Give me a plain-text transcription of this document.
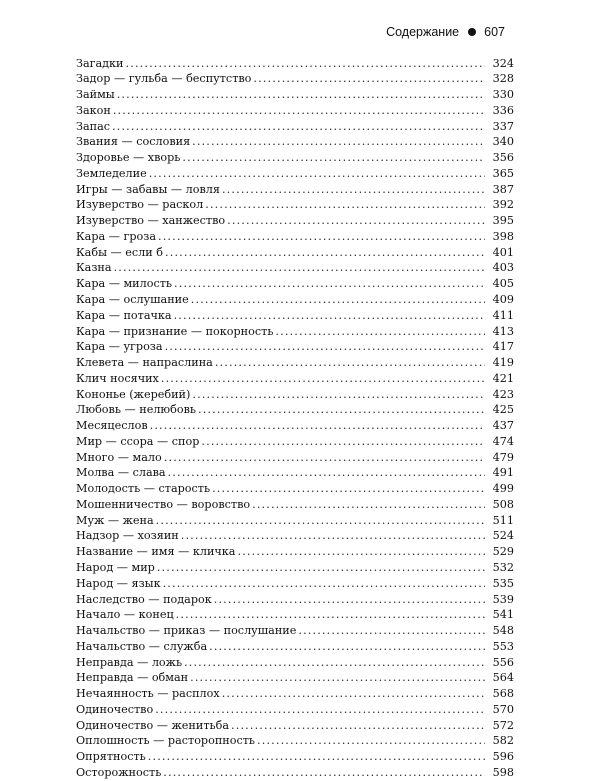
Содержание 607
Загадки . . .	324
Задор — гульба — беспутство . . .	328
Займы . . .	330
Закон . . .	336
Запас . . .	337
Звания — сословия . . .	340
Здоровье — хворь . . .	356
Земледелие . . .	365
Игры — забавы — ловля . . .	387
Изуверство — раскол . . .	392
Изуверство — ханжество . . .	395
Кара — гроза . . .	398
Кабы — если б . . .	401
Казна . . .	403
Кара — милость . . .	405
Кара — ослушание . . .	409
Кара — потачка . . .	411
Кара — признание — покорность . . .	413
Кара — угроза . . .	417
Клевета — напраслина . . .	419
Клич носячих . . .	421
Кононье (жеребий) . . .	423
Любовь — нелюбовь . . .	425
Месяцеслов . . .	437
Мир — ссора — спор . . .	474
Много — мало . . .	479
Молва — слава . . .	491
Молодость — старость . . .	499
Мошенничество — воровство . . .	508
Муж — жена . . .	511
Надзор — хозяин . . .	524
Название — имя — кличка . . .	529
Народ — мир . . .	532
Народ — язык . . .	535
Наследство — подарок . . .	539
Начало — конец . . .	541
Начальство — приказ — послушание . . .	548
Начальство — служба . . .	553
Неправда — ложь . . .	556
Неправда — обман . . .	564
Нечаянность — расплох . . .	568
Одиночество . . .	570
Одиночество — женитьба . . .	572
Оплошность — расторопность . . .	582
Опрятность . . .	596
Осторожность . . .	598
